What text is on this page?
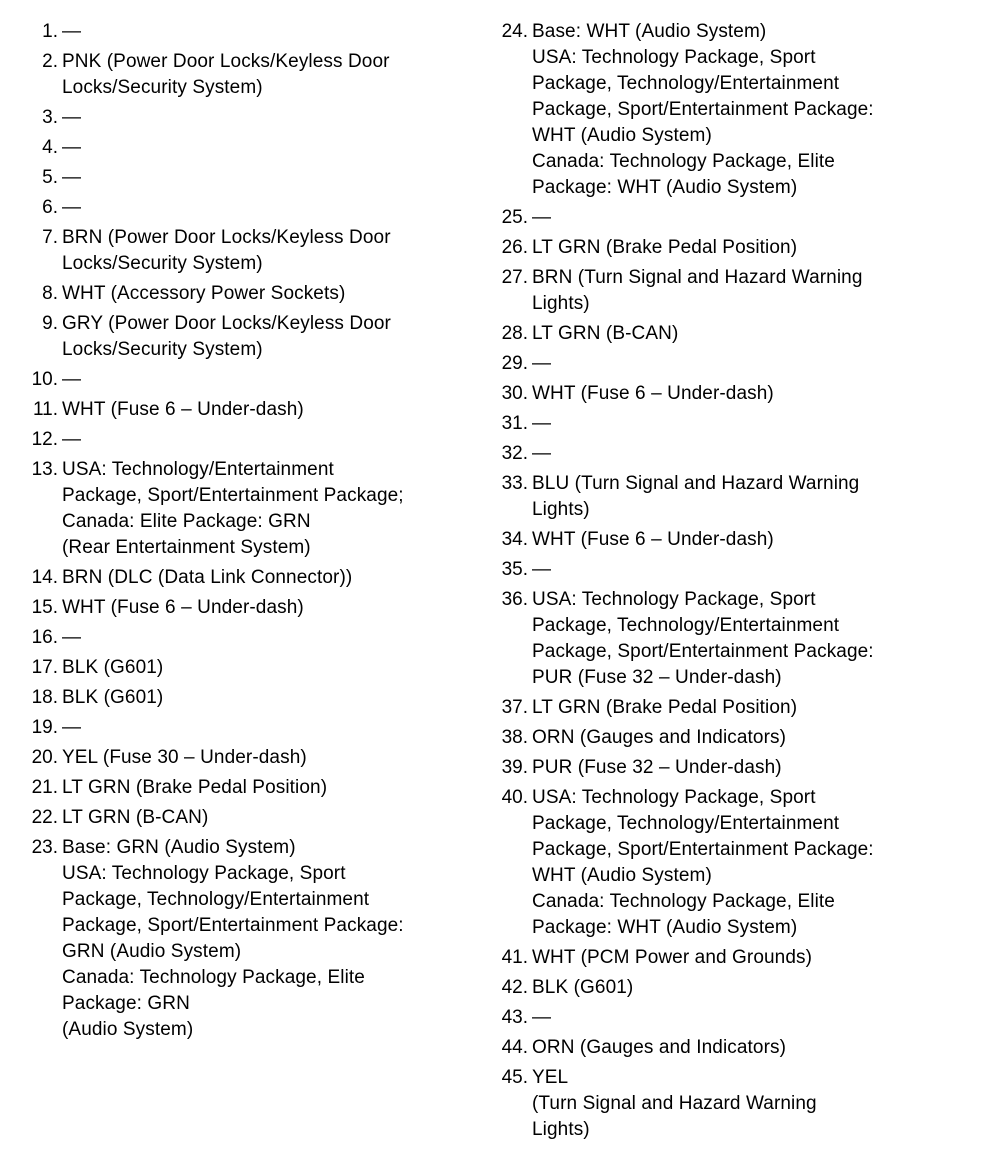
1. —
2. PNK (Power Door Locks/Keyless Door
Locks/Security System)
3. —
4. —
5. —
6. —
7. BRN (Power Door Locks/Keyless Door
Locks/Security System)
8. WHT (Accessory Power Sockets)
9. GRY (Power Door Locks/Keyless Door
Locks/Security System)
10. —
11. WHT (Fuse 6 – Under-dash)
12. —
13. USA: Technology/Entertainment
Package, Sport/Entertainment Package;
Canada: Elite Package: GRN
(Rear Entertainment System)
14. BRN (DLC (Data Link Connector))
15. WHT (Fuse 6 – Under-dash)
16. —
17. BLK (G601)
18. BLK (G601)
19. —
20. YEL (Fuse 30 – Under-dash)
21. LT GRN (Brake Pedal Position)
22. LT GRN (B-CAN)
23. Base: GRN (Audio System)
USA: Technology Package, Sport
Package, Technology/Entertainment
Package, Sport/Entertainment Package:
GRN (Audio System)
Canada: Technology Package, Elite
Package: GRN
(Audio System)
24. Base: WHT (Audio System)
USA: Technology Package, Sport
Package, Technology/Entertainment
Package, Sport/Entertainment Package:
WHT (Audio System)
Canada: Technology Package, Elite
Package: WHT (Audio System)
25. —
26. LT GRN (Brake Pedal Position)
27. BRN (Turn Signal and Hazard Warning
Lights)
28. LT GRN (B-CAN)
29. —
30. WHT (Fuse 6 – Under-dash)
31. —
32. —
33. BLU (Turn Signal and Hazard Warning
Lights)
34. WHT (Fuse 6 – Under-dash)
35. —
36. USA: Technology Package, Sport
Package, Technology/Entertainment
Package, Sport/Entertainment Package:
PUR (Fuse 32 – Under-dash)
37. LT GRN (Brake Pedal Position)
38. ORN (Gauges and Indicators)
39. PUR (Fuse 32 – Under-dash)
40. USA: Technology Package, Sport
Package, Technology/Entertainment
Package, Sport/Entertainment Package:
WHT (Audio System)
Canada: Technology Package, Elite
Package: WHT (Audio System)
41. WHT (PCM Power and Grounds)
42. BLK (G601)
43. —
44. ORN (Gauges and Indicators)
45. YEL
(Turn Signal and Hazard Warning
Lights)
